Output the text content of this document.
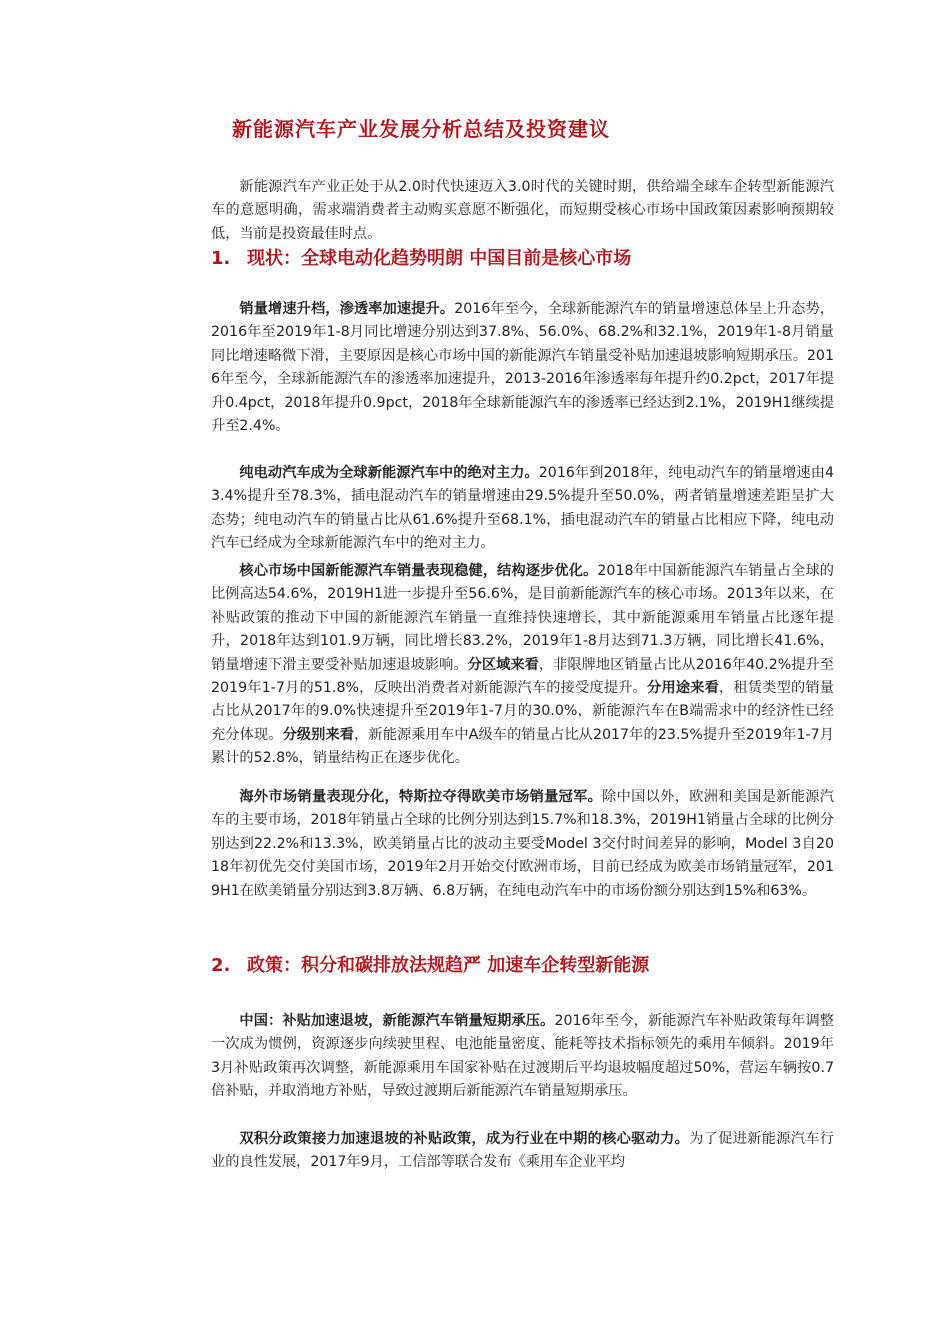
新能源汽车产业发展分析总结及投资建议

新能源汽车产业正处于从2.0时代快速迈入3.0时代的关键时期，供给端全球车企转型新能源汽车的意愿明确，需求端消费者主动购买意愿不断强化，而短期受核心市场中国政策因素影响预期较低，当前是投资最佳时点。

1. 现状：全球电动化趋势明朗 中国目前是核心市场

销量增速升档，渗透率加速提升。2016年至今，全球新能源汽车的销量增速总体呈上升态势，2016年至2019年1-8月同比增速分别达到37.8%、56.0%、68.2%和32.1%，2019年1-8月销量同比增速略微下滑，主要原因是核心市场中国的新能源汽车销量受补贴加速退坡影响短期承压。2016年至今，全球新能源汽车的渗透率加速提升，2013-2016年渗透率每年提升约0.2pct，2017年提升0.4pct，2018年提升0.9pct，2018年全球新能源汽车的渗透率已经达到2.1%，2019H1继续提升至2.4%。

纯电动汽车成为全球新能源汽车中的绝对主力。2016年到2018年，纯电动汽车的销量增速由43.4%提升至78.3%，插电混动汽车的销量增速由29.5%提升至50.0%，两者销量增速差距呈扩大态势；纯电动汽车的销量占比从61.6%提升至68.1%，插电混动汽车的销量占比相应下降，纯电动汽车已经成为全球新能源汽车中的绝对主力。

核心市场中国新能源汽车销量表现稳健，结构逐步优化。2018年中国新能源汽车销量占全球的比例高达54.6%，2019H1进一步提升至56.6%，是目前新能源汽车的核心市场。2013年以来，在补贴政策的推动下中国的新能源汽车销量一直维持快速增长，其中新能源乘用车销量占比逐年提升，2018年达到101.9万辆，同比增长83.2%，2019年1-8月达到71.3万辆，同比增长41.6%，销量增速下滑主要受补贴加速退坡影响。分区域来看，非限牌地区销量占比从2016年40.2%提升至2019年1-7月的51.8%，反映出消费者对新能源汽车的接受度提升。分用途来看，租赁类型的销量占比从2017年的9.0%快速提升至2019年1-7月的30.0%，新能源汽车在B端需求中的经济性已经充分体现。分级别来看，新能源乘用车中A级车的销量占比从2017年的23.5%提升至2019年1-7月累计的52.8%，销量结构正在逐步优化。

海外市场销量表现分化，特斯拉夺得欧美市场销量冠军。除中国以外，欧洲和美国是新能源汽车的主要市场，2018年销量占全球的比例分别达到15.7%和18.3%，2019H1销量占全球的比例分别达到22.2%和13.3%，欧美销量占比的波动主要受Model 3交付时间差异的影响，Model 3自2018年初优先交付美国市场，2019年2月开始交付欧洲市场，目前已经成为欧美市场销量冠军，2019H1在欧美销量分别达到3.8万辆、6.8万辆，在纯电动汽车中的市场份额分别达到15%和63%。

2. 政策：积分和碳排放法规趋严 加速车企转型新能源

中国：补贴加速退坡，新能源汽车销量短期承压。2016年至今，新能源汽车补贴政策每年调整一次成为惯例，资源逐步向续驶里程、电池能量密度、能耗等技术指标领先的乘用车倾斜。2019年3月补贴政策再次调整，新能源乘用车国家补贴在过渡期后平均退坡幅度超过50%，营运车辆按0.7倍补贴，并取消地方补贴，导致过渡期后新能源汽车销量短期承压。

双积分政策接力加速退坡的补贴政策，成为行业在中期的核心驱动力。为了促进新能源汽车行业的良性发展，2017年9月，工信部等联合发布《乘用车企业平均
